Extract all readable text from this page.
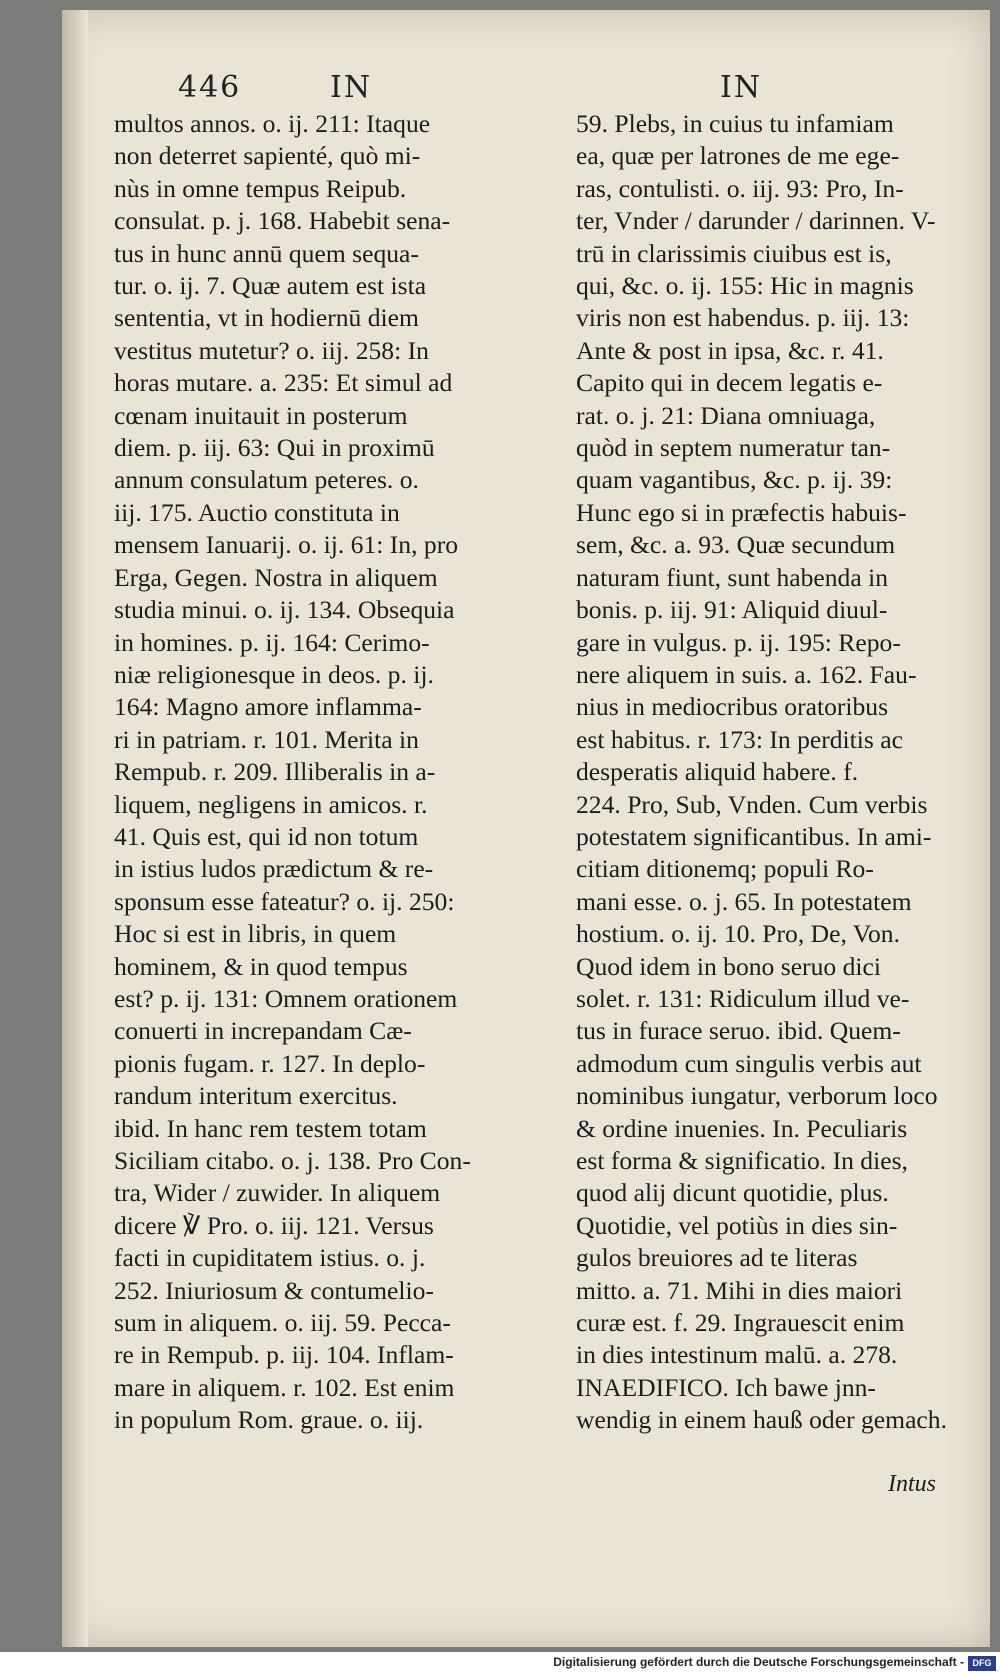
446	IN	IN
multos annos. o. ij. 211: Itaque
non deterret sapienté, quò mi-
nùs in omne tempus Reipub.
consulat. p. j. 168. Habebit sena-
tus in hunc annū quem sequa-
tur. o. ij. 7. Quæ autem est ista
sententia, vt in hodiernū diem
vestitus mutetur? o. iij. 258: In
horas mutare. a. 235: Et simul ad
cœnam inuitauit in posterum
diem. p. iij. 63: Qui in proximū
annum consulatum peteres. o.
iij. 175. Auctio constituta in
mensem Ianuarij. o. ij. 61: In, pro
Erga, Gegen. Nostra in aliquem
studia minui. o. ij. 134. Obsequia
in homines. p. ij. 164: Cerimo-
niæ religionesque in deos. p. ij.
164: Magno amore inflamma-
ri in patriam. r. 101. Merita in
Rempub. r. 209. Illiberalis in a-
liquem, negligens in amicos. r.
41. Quis est, qui id non totum
in istius ludos prædictum & re-
sponsum esse fateatur? o. ij. 250:
Hoc si est in libris, in quem
hominem, & in quod tempus
est? p. ij. 131: Omnem orationem
conuerti in increpandam Cæ-
pionis fugam. r. 127. In deplo-
randum interitum exercitus.
ibid. In hanc rem testem totam
Siciliam citabo. o. j. 138. Pro Con-
tra, Wider / zuwider. In aliquem
dicere ℣ Pro. o. iij. 121. Versus
facti in cupiditatem istius. o. j.
252. Iniuriosum & contumelio-
sum in aliquem. o. iij. 59. Pecca-
re in Rempub. p. iij. 104. Inflam-
mare in aliquem. r. 102. Est enim
in populum Rom. graue. o. iij.
59. Plebs, in cuius tu infamiam
ea, quæ per latrones de me ege-
ras, contulisti. o. iij. 93: Pro, In-
ter, Vnder / darunder / darinnen. V-
trū in clarissimis ciuibus est is,
qui, &c. o. ij. 155: Hic in magnis
viris non est habendus. p. iij. 13:
Ante & post in ipsa, &c. r. 41.
Capito qui in decem legatis e-
rat. o. j. 21: Diana omniuaga,
quòd in septem numeratur tan-
quam vagantibus, &c. p. ij. 39:
Hunc ego si in præfectis habuis-
sem, &c. a. 93. Quæ secundum
naturam fiunt, sunt habenda in
bonis. p. iij. 91: Aliquid diuul-
gare in vulgus. p. ij. 195: Repo-
nere aliquem in suis. a. 162. Fau-
nius in mediocribus oratoribus
est habitus. r. 173: In perditis ac
desperatis aliquid habere. f.
224. Pro, Sub, Vnden. Cum verbis
potestatem significantibus. In ami-
citiam ditionemq; populi Ro-
mani esse. o. j. 65. In potestatem
hostium. o. ij. 10. Pro, De, Von.
Quod idem in bono seruo dici
solet. r. 131: Ridiculum illud ve-
tus in furace seruo. ibid. Quem-
admodum cum singulis verbis aut
nominibus iungatur, verborum loco
& ordine inuenies. In. Peculiaris
est forma & significatio. In dies,
quod alij dicunt quotidie, plus.
Quotidie, vel potiùs in dies sin-
gulos breuiores ad te literas
mitto. a. 71. Mihi in dies maiori
curæ est. f. 29. Ingrauescit enim
in dies intestinum malū. a. 278.
INAEDIFICO. Ich bawe jnn-
wendig in einem hauß oder gemach.
Intus
Digitalisierung gefördert durch die Deutsche Forschungsgemeinschaft - DFG
